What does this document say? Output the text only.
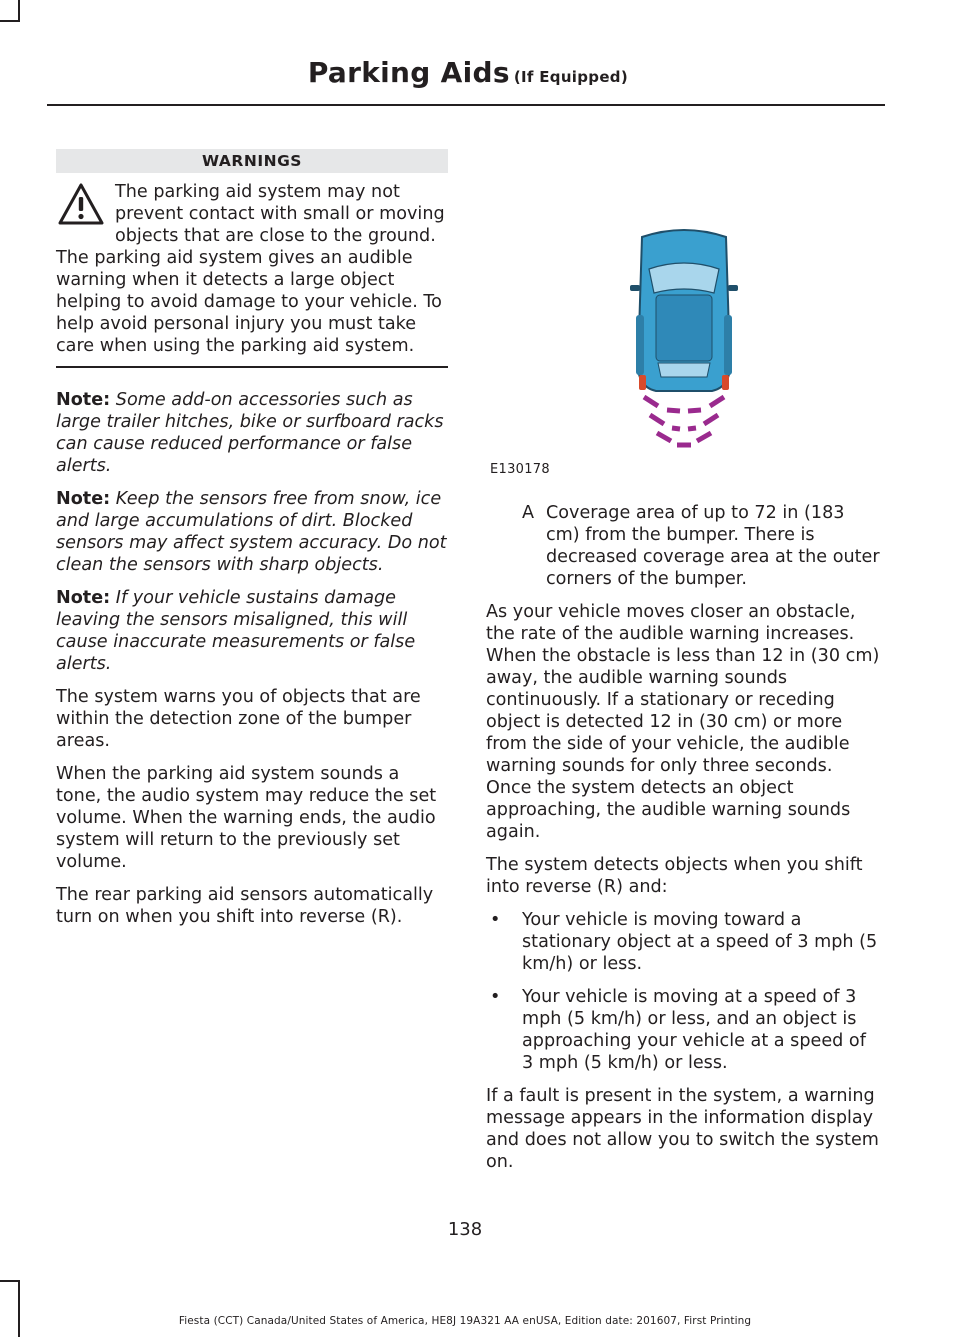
Parking Aids (If Equipped)
WARNINGS

The parking aid system may not prevent contact with small or moving objects that are close to the ground.

The parking aid system gives an audible warning when it detects a large object helping to avoid damage to your vehicle. To help avoid personal injury you must take care when using the parking aid system.

Note: Some add-on accessories such as large trailer hitches, bike or surfboard racks can cause reduced performance or false alerts.

Note: Keep the sensors free from snow, ice and large accumulations of dirt. Blocked sensors may affect system accuracy. Do not clean the sensors with sharp objects.

Note: If your vehicle sustains damage leaving the sensors misaligned, this will cause inaccurate measurements or false alerts.

The system warns you of objects that are within the detection zone of the bumper areas.

When the parking aid system sounds a tone, the audio system may reduce the set volume. When the warning ends, the audio system will return to the previously set volume.

The rear parking aid sensors automatically turn on when you shift into reverse (R).

E130178
A Coverage area of up to 72 in (183 cm) from the bumper. There is decreased coverage area at the outer corners of the bumper.

As your vehicle moves closer an obstacle, the rate of the audible warning increases. When the obstacle is less than 12 in (30 cm) away, the audible warning sounds continuously. If a stationary or receding object is detected 12 in (30 cm) or more from the side of your vehicle, the audible warning sounds for only three seconds. Once the system detects an object approaching, the audible warning sounds again.

The system detects objects when you shift into reverse (R) and:

• Your vehicle is moving toward a stationary object at a speed of 3 mph (5 km/h) or less.
• Your vehicle is moving at a speed of 3 mph (5 km/h) or less, and an object is approaching your vehicle at a speed of 3 mph (5 km/h) or less.

If a fault is present in the system, a warning message appears in the information display and does not allow you to switch the system on.

138
Fiesta (CCT) Canada/United States of America, HE8J 19A321 AA enUSA, Edition date: 201607, First Printing
